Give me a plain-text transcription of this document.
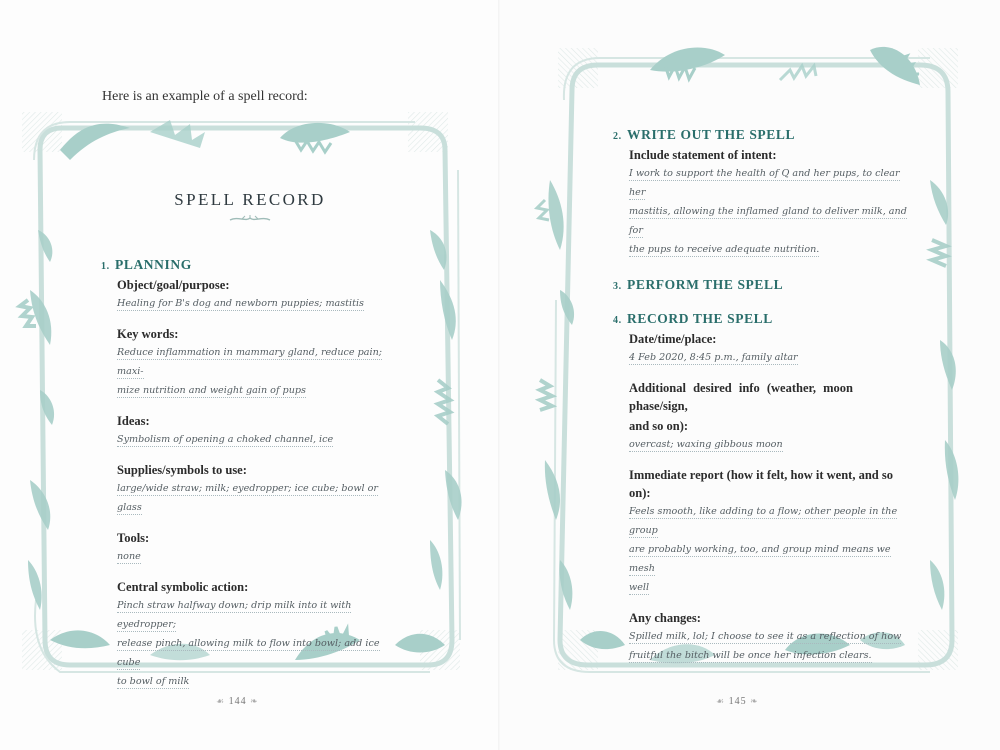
Here is an example of a spell record:
SPELL RECORD
1. PLANNING
Object/goal/purpose:
Healing for B's dog and newborn puppies; mastitis
Key words:
Reduce inflammation in mammary gland, reduce pain; maxi-
mize nutrition and weight gain of pups
Ideas:
Symbolism of opening a choked channel, ice
Supplies/symbols to use:
large/wide straw; milk; eyedropper; ice cube; bowl or glass
Tools:
none
Central symbolic action:
Pinch straw halfway down; drip milk into it with eyedropper;
release pinch, allowing milk to flow into bowl; add ice cube
to bowl of milk
☙ 144 ❧
2. WRITE OUT THE SPELL
Include statement of intent:
I work to support the health of Q and her pups, to clear her
mastitis, allowing the inflamed gland to deliver milk, and for
the pups to receive adequate nutrition.
3. PERFORM THE SPELL
4. RECORD THE SPELL
Date/time/place:
4 Feb 2020, 8:45 p.m., family altar
Additional desired info (weather, moon phase/sign,
and so on):
overcast; waxing gibbous moon
Immediate report (how it felt, how it went, and so on):
Feels smooth, like adding to a flow; other people in the group
are probably working, too, and group mind means we mesh
well
Any changes:
Spilled milk, lol; I choose to see it as a reflection of how
fruitful the bitch will be once her infection clears.
☙ 145 ❧
